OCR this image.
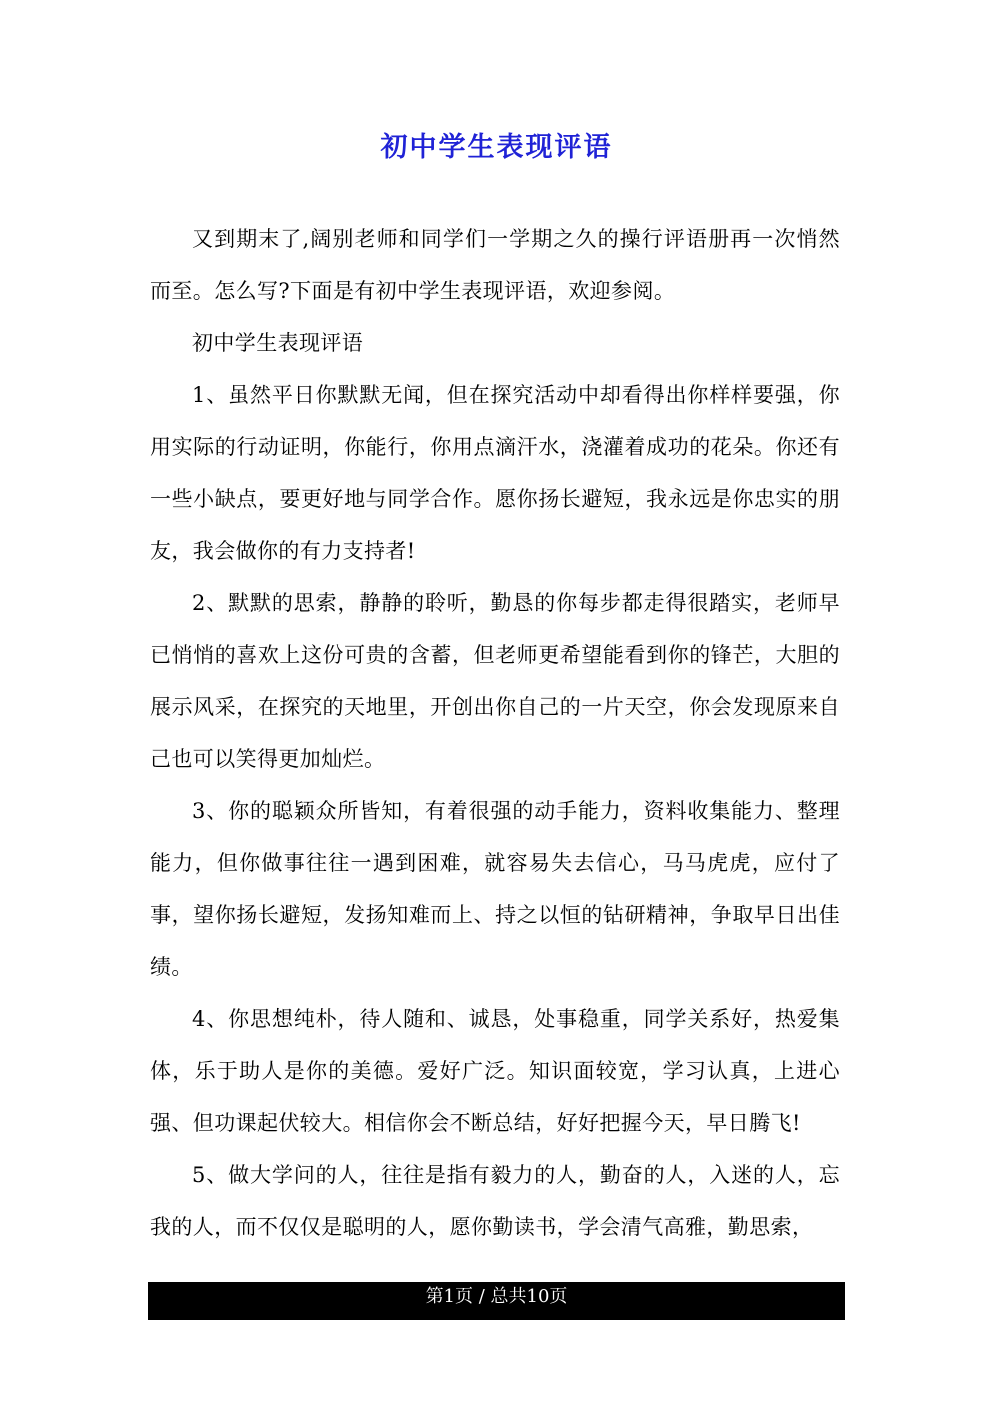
初中学生表现评语

又到期末了,阔别老师和同学们一学期之久的操行评语册再一次悄然而至。怎么写?下面是有初中学生表现评语，欢迎参阅。

初中学生表现评语

1、虽然平日你默默无闻，但在探究活动中却看得出你样样要强，你用实际的行动证明，你能行，你用点滴汗水，浇灌着成功的花朵。你还有一些小缺点，要更好地与同学合作。愿你扬长避短，我永远是你忠实的朋友，我会做你的有力支持者!

2、默默的思索，静静的聆听，勤恳的你每步都走得很踏实，老师早已悄悄的喜欢上这份可贵的含蓄，但老师更希望能看到你的锋芒，大胆的展示风采，在探究的天地里，开创出你自己的一片天空，你会发现原来自己也可以笑得更加灿烂。

3、你的聪颖众所皆知，有着很强的动手能力，资料收集能力、整理能力，但你做事往往一遇到困难，就容易失去信心，马马虎虎，应付了事，望你扬长避短，发扬知难而上、持之以恒的钻研精神，争取早日出佳绩。

4、你思想纯朴，待人随和、诚恳，处事稳重，同学关系好，热爱集体，乐于助人是你的美德。爱好广泛。知识面较宽，学习认真，上进心强、但功课起伏较大。相信你会不断总结，好好把握今天，早日腾飞!

5、做大学问的人，往往是指有毅力的人，勤奋的人，入迷的人，忘我的人，而不仅仅是聪明的人，愿你勤读书，学会清气高雅，勤思索，

第1页 / 总共10页
